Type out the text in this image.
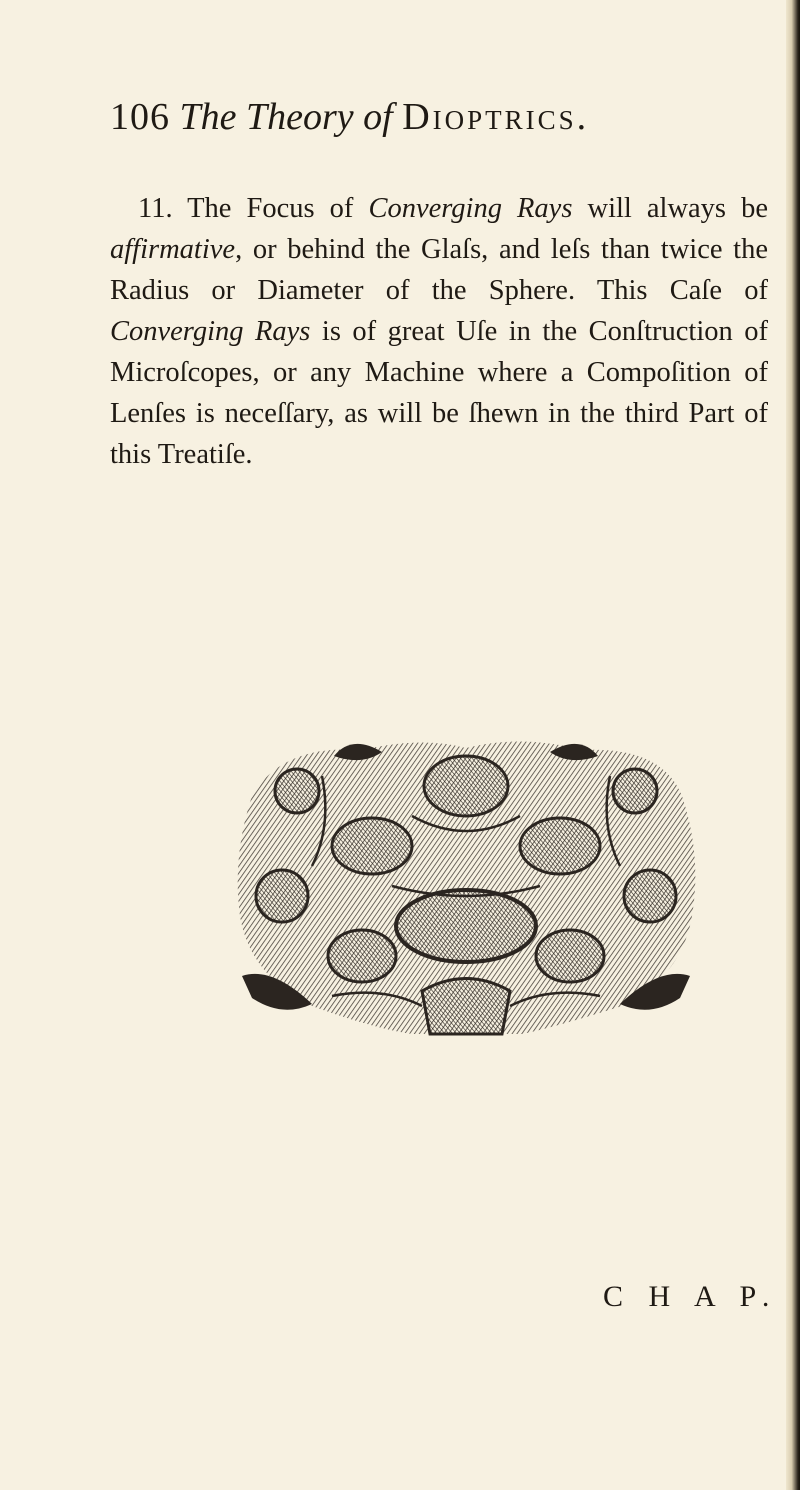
106 The Theory of Dioptrics.

11. The Focus of Converging Rays will always be affirmative, or behind the Glaſs, and leſs than twice the Radius or Diameter of the Sphere. This Caſe of Converging Rays is of great Uſe in the Conſtruction of Microſcopes, or any Machine where a Compoſition of Lenſes is neceſſary, as will be ſhewn in the third Part of this Treatiſe.

C H A P.
